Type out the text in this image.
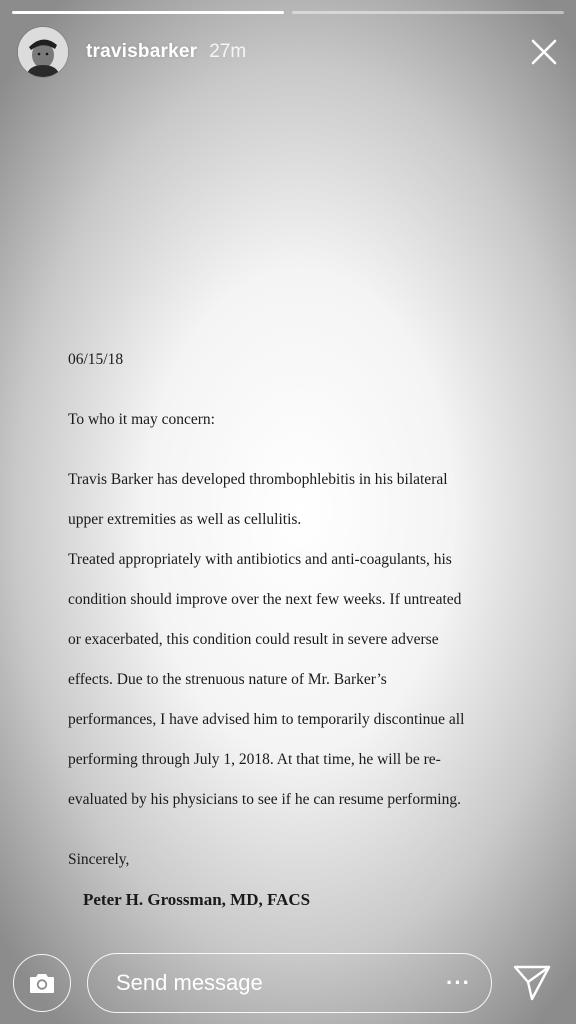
travisbarker 27m

06/15/18

To who it may concern:

Travis Barker has developed thrombophlebitis in his bilateral

upper extremities as well as cellulitis.

Treated appropriately with antibiotics and anti-coagulants, his

condition should improve over the next few weeks. If untreated

or exacerbated, this condition could result in severe adverse

effects. Due to the strenuous nature of Mr. Barker’s

performances, I have advised him to temporarily discontinue all

performing through July 1, 2018. At that time, he will be re-

evaluated by his physicians to see if he can resume performing.

Sincerely,

Peter H. Grossman, MD, FACS

Send message	···
